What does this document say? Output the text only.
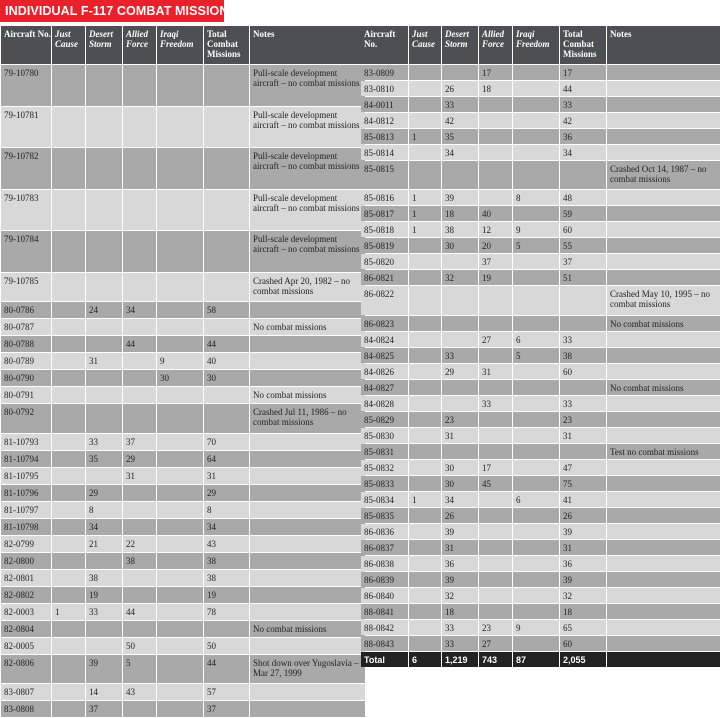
INDIVIDUAL F-117 COMBAT MISSIONS
Aircraft No.	Just Cause	Desert Storm	Allied Force	Iraqi Freedom	Total Combat Missions	Notes
79-10780						Pull-scale development aircraft – no combat missions
79-10781						Pull-scale development aircraft – no combat missions
79-10782						Pull-scale development aircraft – no combat missions
79-10783						Pull-scale development aircraft – no combat missions
79-10784						Pull-scale development aircraft – no combat missions
79-10785						Crashed Apr 20, 1982 – no combat missions
80-0786		24	34		58	
80-0787						No combat missions
80-0788			44		44	
80-0789		31		9	40	
80-0790				30	30	
80-0791						No combat missions
80-0792						Crashed Jul 11, 1986 – no combat missions
81-10793		33	37		70	
81-10794		35	29		64	
81-10795			31		31	
81-10796		29			29	
81-10797		8			8	
81-10798		34			34	
82-0799		21	22		43	
82-0800			38		38	
82-0801		38			38	
82-0802		19			19	
82-0003	1	33	44		78	
82-0804						No combat missions
82-0005			50		50	
82-0806		39	5		44	Shot down over Yugoslavia – Mar 27, 1999
83-0807		14	43		57	
83-0808		37			37	
Aircraft No.	Just Cause	Desert Storm	Allied Force	Iraqi Freedom	Total Combat Missions	Notes
83-0809			17		17	
83-0810		26	18		44	
84-0011		33			33	
84-0812		42			42	
85-0813	1	35			36	
85-0814		34			34	
85-0815						Crashed Oct 14, 1987 – no combat missions
85-0816	1	39		8	48	
85-0817	1	18	40		59	
85-0818	1	38	12	9	60	
85-0819		30	20	5	55	
85-0820			37		37	
86-0821		32	19		51	
86-0822						Crashed May 10, 1995 – no combat missions
86-0823						No combat missions
84-0824			27	6	33	
84-0825		33		5	38	
84-0826		29	31		60	
84-0827						No combat missions
84-0828			33		33	
85-0829		23			23	
85-0830		31			31	
85-0831						Test no combat missions
85-0832		30	17		47	
85-0833		30	45		75	
85-0834	1	34		6	41	
85-0835		26			26	
86-0836		39			39	
86-0837		31			31	
86-0838		36			36	
86-0839		39			39	
86-0840		32			32	
88-0841		18			18	
88-0842		33	23	9	65	
88-0843		33	27		60	
Total	6	1,219	743	87	2,055	
